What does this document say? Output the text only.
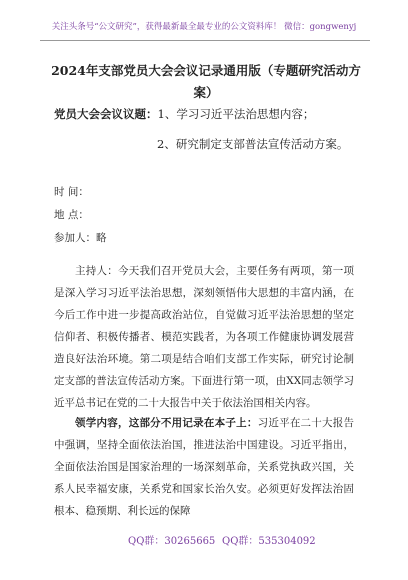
关注头条号“公文研究”，获得最新最全最专业的公文资料库！ 微信：gongwenyj
2024年支部党员大会会议记录通用版（专题研究活动方案）
党员大会会议议题：1、学习习近平法治思想内容；
2、研究制定支部普法宣传活动方案。
时 间：
地 点：
参加人：略

主持人：今天我们召开党员大会，主要任务有两项，第一项是深入学习习近平法治思想，深刻领悟伟大思想的丰富内涵，在今后工作中进一步提高政治站位，自觉做习近平法治思想的坚定信仰者、积极传播者、模范实践者，为各项工作健康协调发展营造良好法治环境。第二项是结合咱们支部工作实际，研究讨论制定支部的普法宣传活动方案。下面进行第一项，由XX同志领学习近平总书记在党的二十大报告中关于依法治国相关内容。

领学内容，这部分不用记录在本子上：习近平在二十大报告中强调，坚持全面依法治国，推进法治中国建设。习近平指出，全面依法治国是国家治理的一场深刻革命，关系党执政兴国，关系人民幸福安康，关系党和国家长治久安。必须更好发挥法治固根本、稳预期、利长远的保障

QQ群：30265665 QQ群：535304092
